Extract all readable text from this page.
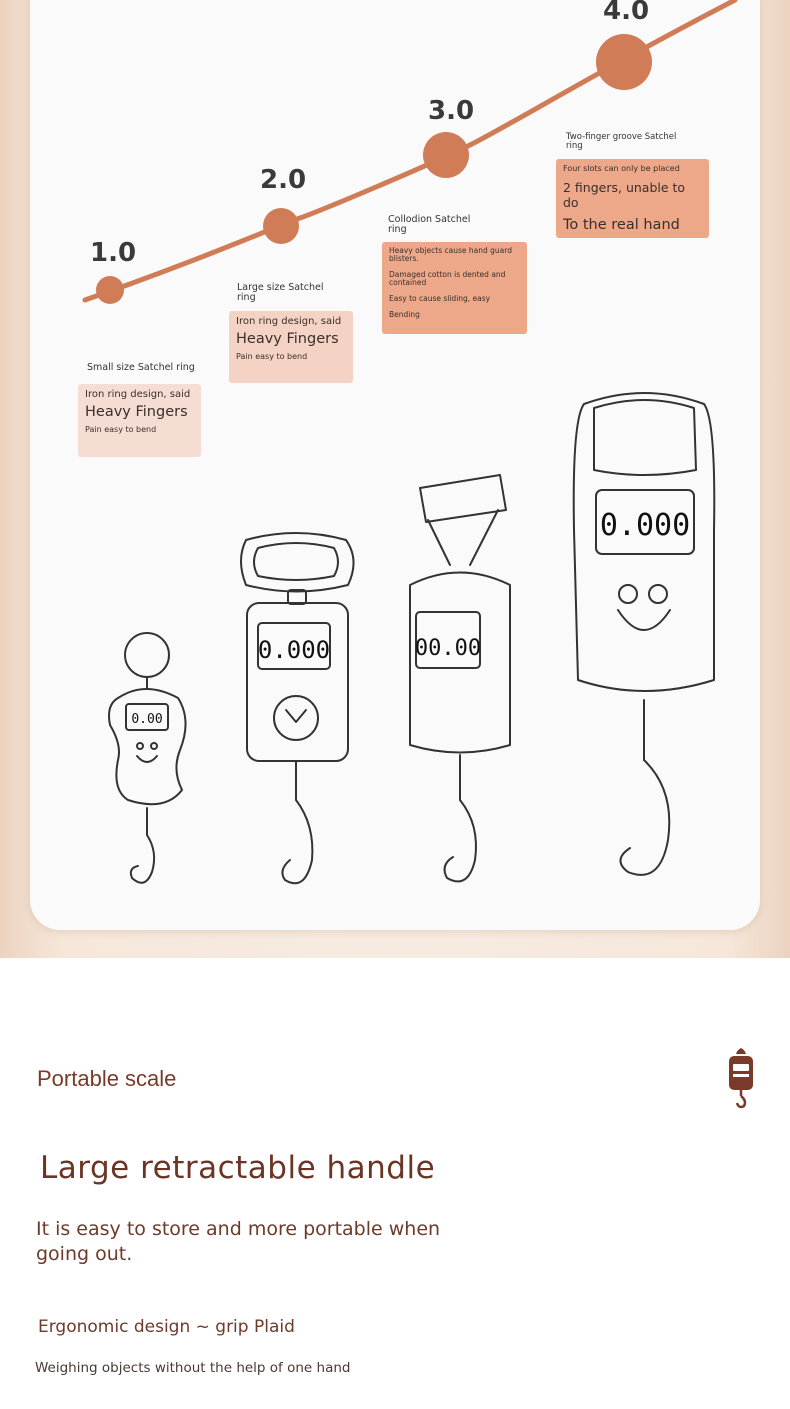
1.0
2.0
3.0
4.0
Small size Satchel ring
Large size Satchel ring
Collodion Satchel ring
Two-finger groove Satchel ring
Iron ring design, said
Heavy Fingers
Pain easy to bend
Iron ring design, said
Heavy Fingers
Pain easy to bend
Heavy objects cause hand guard blisters.
Damaged cotton is dented and contained
Easy to cause sliding, easy
Bending
Four slots can only be placed
2 fingers, unable to do
To the real hand
0.00
0.000	00.00
0.000
Portable scale
Large retractable handle
It is easy to store and more portable when going out.
Ergonomic design ~ grip Plaid
Weighing objects without the help of one hand
